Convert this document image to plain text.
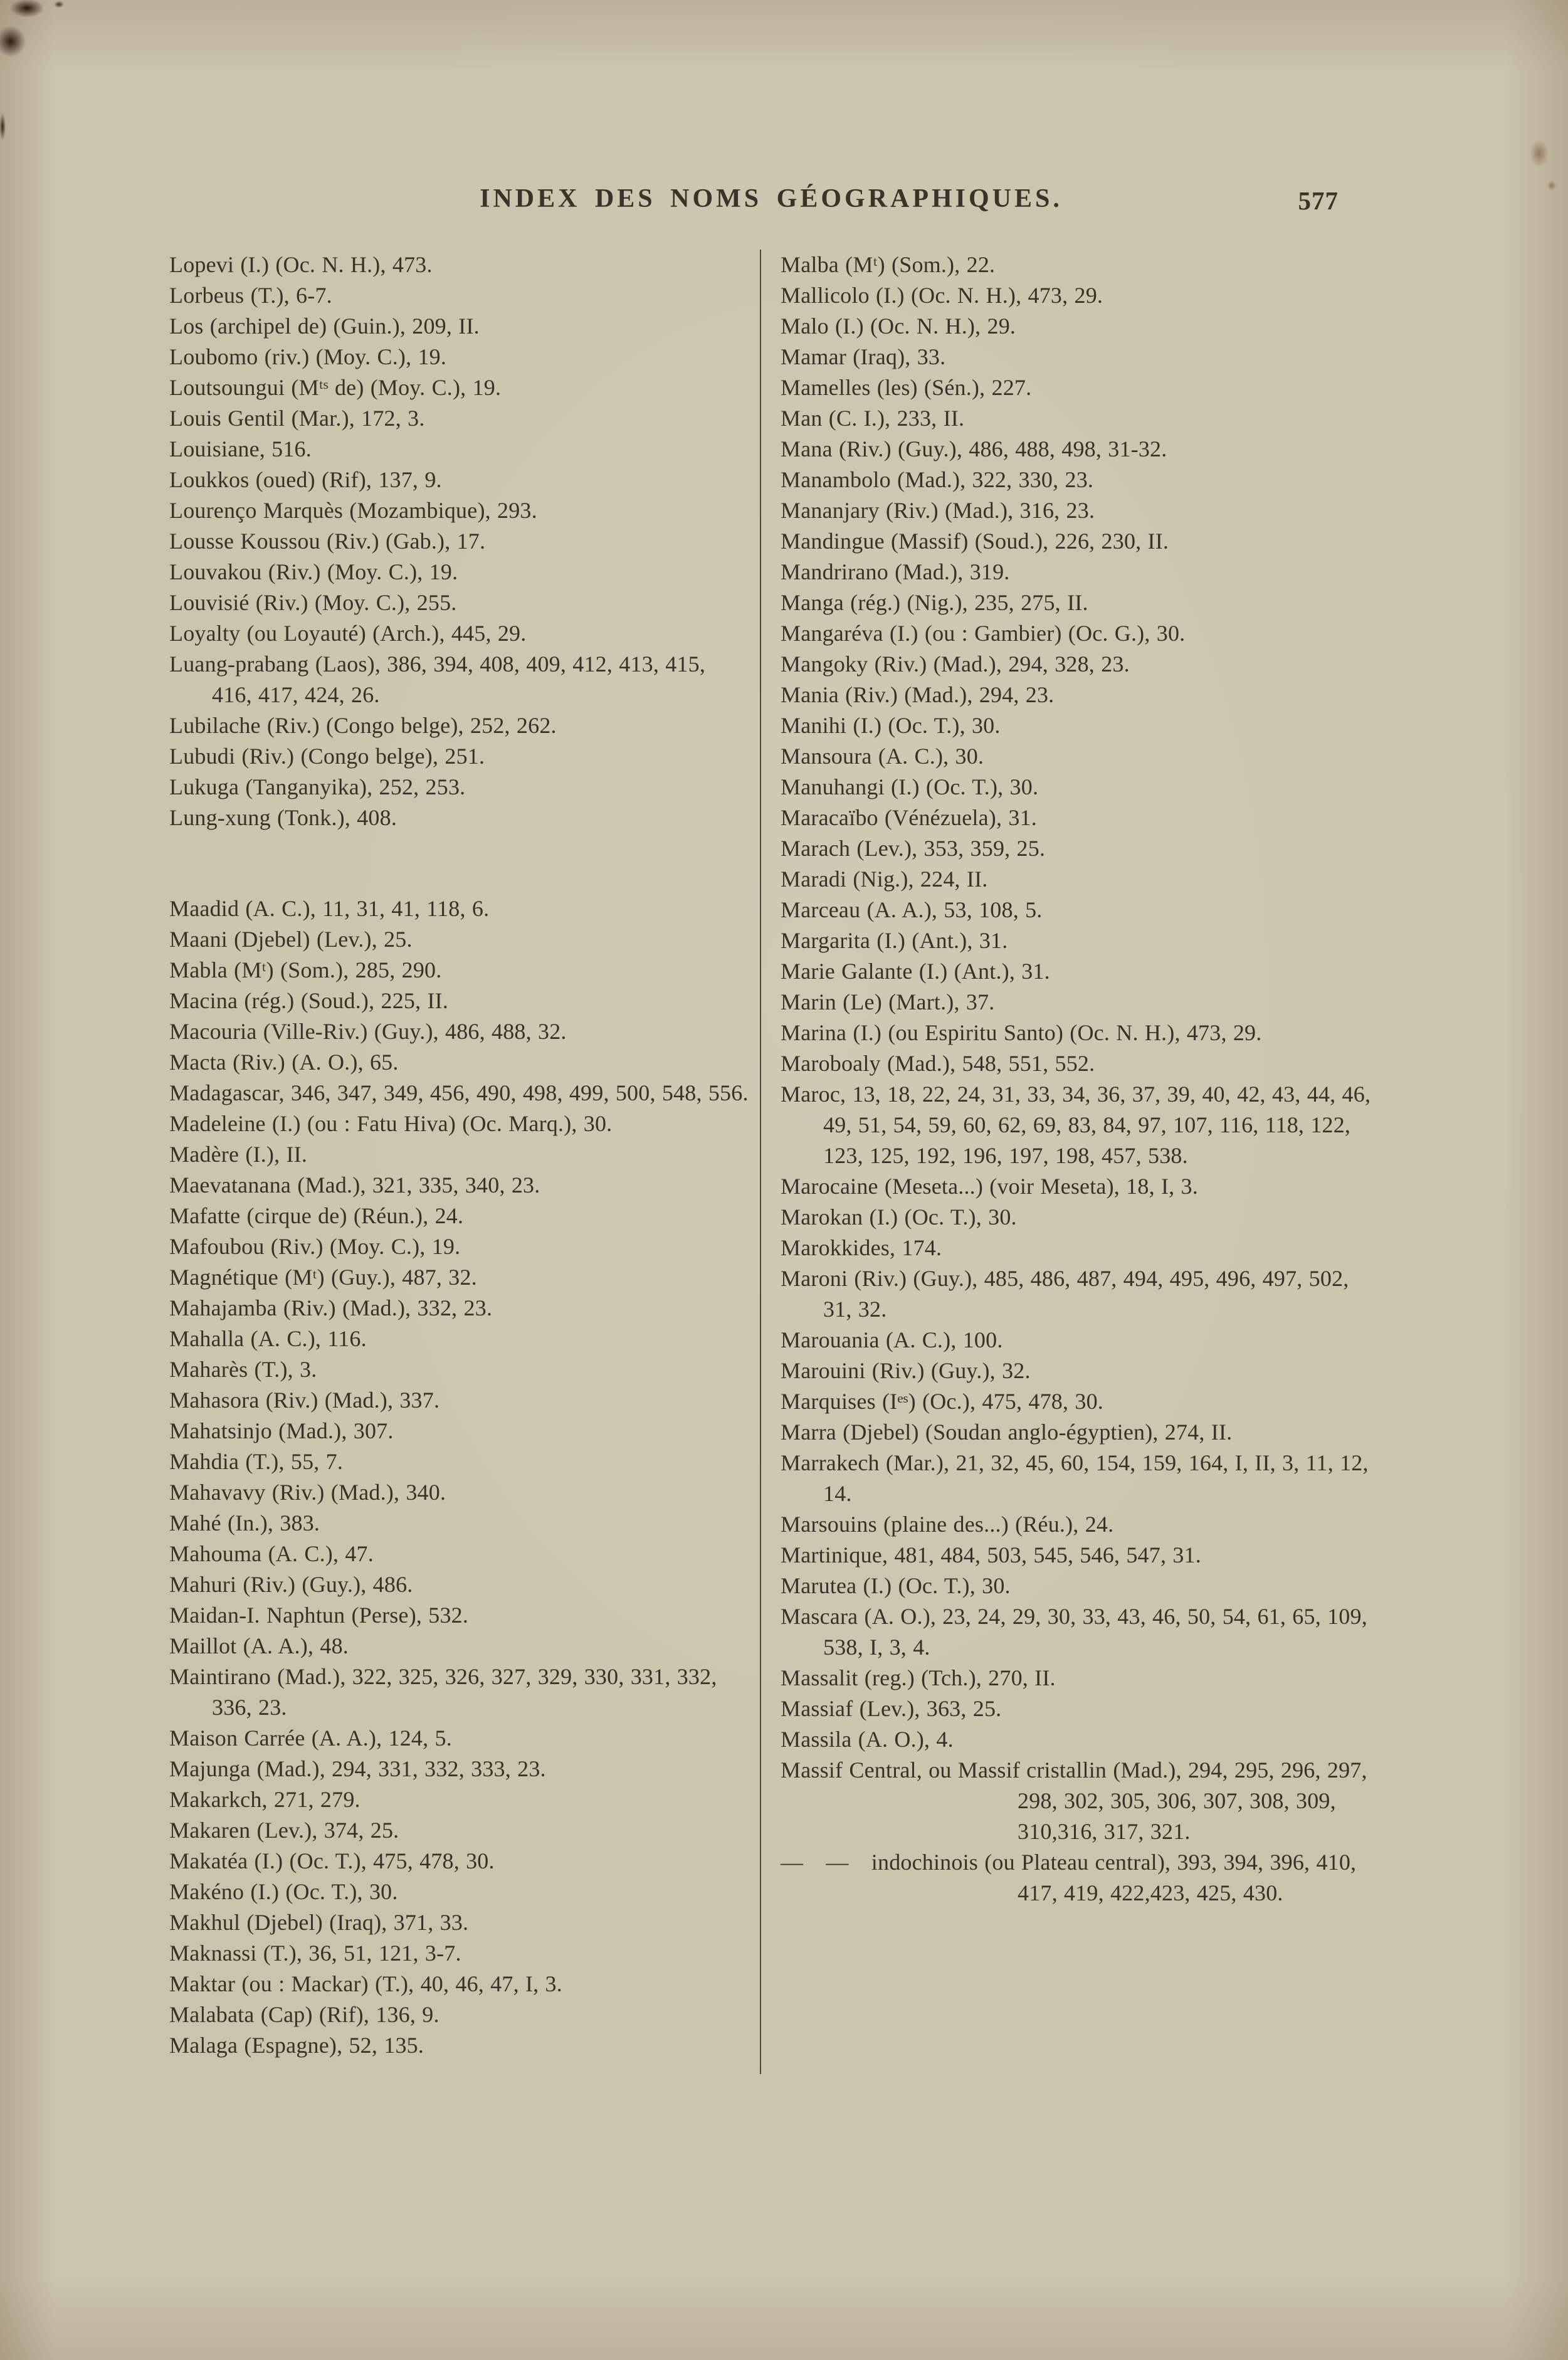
INDEX DES NOMS GÉOGRAPHIQUES.	577
Lopevi (I.) (Oc. N. H.), 473.
Lorbeus (T.), 6-7.
Los (archipel de) (Guin.), 209, II.
Loubomo (riv.) (Moy. C.), 19.
Loutsoungui (Mᵗˢ de) (Moy. C.), 19.
Louis Gentil (Mar.), 172, 3.
Louisiane, 516.
Loukkos (oued) (Rif), 137, 9.
Lourenço Marquès (Mozambique), 293.
Lousse Koussou (Riv.) (Gab.), 17.
Louvakou (Riv.) (Moy. C.), 19.
Louvisié (Riv.) (Moy. C.), 255.
Loyalty (ou Loyauté) (Arch.), 445, 29.
Luang-prabang (Laos), 386, 394, 408, 409, 412, 413, 415, 416, 417, 424, 26.
Lubilache (Riv.) (Congo belge), 252, 262.
Lubudi (Riv.) (Congo belge), 251.
Lukuga (Tanganyika), 252, 253.
Lung-xung (Tonk.), 408.
Maadid (A. C.), 11, 31, 41, 118, 6.
Maani (Djebel) (Lev.), 25.
Mabla (Mᵗ) (Som.), 285, 290.
Macina (rég.) (Soud.), 225, II.
Macouria (Ville-Riv.) (Guy.), 486, 488, 32.
Macta (Riv.) (A. O.), 65.
Madagascar, 346, 347, 349, 456, 490, 498, 499, 500, 548, 556.
Madeleine (I.) (ou : Fatu Hiva) (Oc. Marq.), 30.
Madère (I.), II.
Maevatanana (Mad.), 321, 335, 340, 23.
Mafatte (cirque de) (Réun.), 24.
Mafoubou (Riv.) (Moy. C.), 19.
Magnétique (Mᵗ) (Guy.), 487, 32.
Mahajamba (Riv.) (Mad.), 332, 23.
Mahalla (A. C.), 116.
Maharès (T.), 3.
Mahasora (Riv.) (Mad.), 337.
Mahatsinjo (Mad.), 307.
Mahdia (T.), 55, 7.
Mahavavy (Riv.) (Mad.), 340.
Mahé (In.), 383.
Mahouma (A. C.), 47.
Mahuri (Riv.) (Guy.), 486.
Maidan-I. Naphtun (Perse), 532.
Maillot (A. A.), 48.
Maintirano (Mad.), 322, 325, 326, 327, 329, 330, 331, 332, 336, 23.
Maison Carrée (A. A.), 124, 5.
Majunga (Mad.), 294, 331, 332, 333, 23.
Makarkch, 271, 279.
Makaren (Lev.), 374, 25.
Makatéa (I.) (Oc. T.), 475, 478, 30.
Makéno (I.) (Oc. T.), 30.
Makhul (Djebel) (Iraq), 371, 33.
Maknassi (T.), 36, 51, 121, 3-7.
Maktar (ou : Mackar) (T.), 40, 46, 47, I, 3.
Malabata (Cap) (Rif), 136, 9.
Malaga (Espagne), 52, 135.
Malba (Mᵗ) (Som.), 22.
Mallicolo (I.) (Oc. N. H.), 473, 29.
Malo (I.) (Oc. N. H.), 29.
Mamar (Iraq), 33.
Mamelles (les) (Sén.), 227.
Man (C. I.), 233, II.
Mana (Riv.) (Guy.), 486, 488, 498, 31-32.
Manambolo (Mad.), 322, 330, 23.
Mananjary (Riv.) (Mad.), 316, 23.
Mandingue (Massif) (Soud.), 226, 230, II.
Mandrirano (Mad.), 319.
Manga (rég.) (Nig.), 235, 275, II.
Mangaréva (I.) (ou : Gambier) (Oc. G.), 30.
Mangoky (Riv.) (Mad.), 294, 328, 23.
Mania (Riv.) (Mad.), 294, 23.
Manihi (I.) (Oc. T.), 30.
Mansoura (A. C.), 30.
Manuhangi (I.) (Oc. T.), 30.
Maracaïbo (Vénézuela), 31.
Marach (Lev.), 353, 359, 25.
Maradi (Nig.), 224, II.
Marceau (A. A.), 53, 108, 5.
Margarita (I.) (Ant.), 31.
Marie Galante (I.) (Ant.), 31.
Marin (Le) (Mart.), 37.
Marina (I.) (ou Espiritu Santo) (Oc. N. H.), 473, 29.
Maroboaly (Mad.), 548, 551, 552.
Maroc, 13, 18, 22, 24, 31, 33, 34, 36, 37, 39, 40, 42, 43, 44, 46, 49, 51, 54, 59, 60, 62, 69, 83, 84, 97, 107, 116, 118, 122, 123, 125, 192, 196, 197, 198, 457, 538.
Marocaine (Meseta...) (voir Meseta), 18, I, 3.
Marokan (I.) (Oc. T.), 30.
Marokkides, 174.
Maroni (Riv.) (Guy.), 485, 486, 487, 494, 495, 496, 497, 502, 31, 32.
Marouania (A. C.), 100.
Marouini (Riv.) (Guy.), 32.
Marquises (Iᵉˢ) (Oc.), 475, 478, 30.
Marra (Djebel) (Soudan anglo-égyptien), 274, II.
Marrakech (Mar.), 21, 32, 45, 60, 154, 159, 164, I, II, 3, 11, 12, 14.
Marsouins (plaine des...) (Réu.), 24.
Martinique, 481, 484, 503, 545, 546, 547, 31.
Marutea (I.) (Oc. T.), 30.
Mascara (A. O.), 23, 24, 29, 30, 33, 43, 46, 50, 54, 61, 65, 109, 538, I, 3, 4.
Massalit (reg.) (Tch.), 270, II.
Massiaf (Lev.), 363, 25.
Massila (A. O.), 4.
Massif Central, ou Massif cristallin (Mad.), 294, 295, 296, 297, 298, 302, 305, 306, 307, 308, 309, 310,316, 317, 321.
— — indochinois (ou Plateau central), 393, 394, 396, 410, 417, 419, 422,423, 425, 430.
